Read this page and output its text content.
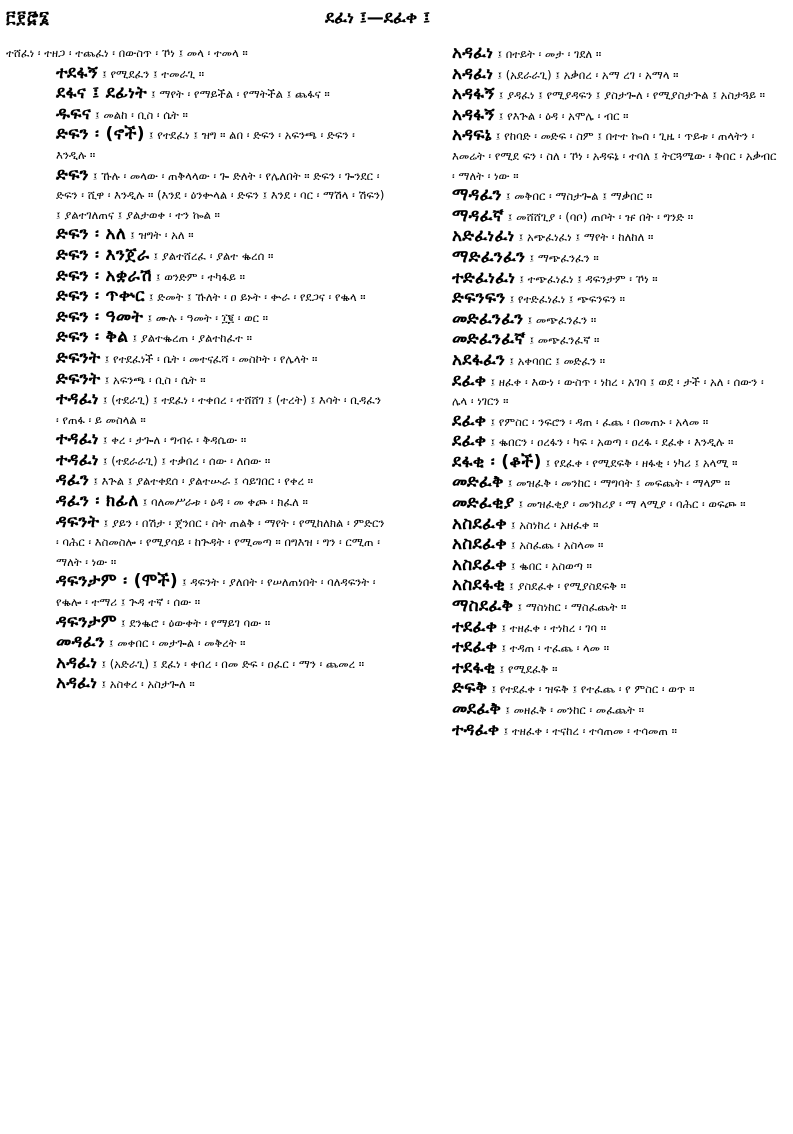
፫፻፸፮	ደፈነ ፤—ደፈቀ ፤

ተሸፈነ ፡ ተዘጋ ፡ ተጨፈነ ፡ በውስጥ ፡ ኾነ ፤ መላ ፡ ተመላ ።

ተደፋኝ ፤ የሚደፈን ፤ ተመራጊ ።

ደፋና ፤ ደፊነት ፤ ማየት ፡ የማይችል ፡ የማትችል ፤ ጨፋና ።

ዱፍና ፤ መልከ ፡ ቢስ ፡ ሴት ።

ድፍን ፡ (ኖች) ፤ የተደፈነ ፤ ዝግ ። ልበ ፡ ድፍን ፡ አፍንጫ ፡ ድፍን ፡ እንዲሉ ።

ድፍን ፤ ኹሉ ፡ መላው ፡ ጠቅላላው ፡ ጐ ድለት ፡ የሌለበት ። ድፍን ፡ ጐንደር ፡ ድፍን ፡ ሺዋ ፡ እንዲሉ ። (እንደ ፡ ዕንቍላል ፡ ድፍን ፤ እንደ ፡ ባር ፡ ማሽላ ፡ ሽፍን) ፤ ያልተገለጠና ፤ ያልታወቀ ፡ ተን ኰል ።

ድፍን ፡ አለ ፤ ዝግት ፡ አለ ።

ድፍን ፡ እንጀራ ፤ ያልተሸረፈ ፡ ያልተ ቈረሰ ።

ድፍን ፡ አቋራሽ ፤ ወንድም ፡ ተካፋይ ።

ድፍን ፡ ጥቍር ፤ ድመት ፤ ኹለት ፡ ዐ ይኑት ፡ ቍራ ፡ የደጋና ፡ የቈላ ።

ድፍን ፡ ዓመት ፤ ሙሉ ፡ ዓመት ፡ ፲፪ ፡ ወር ።

ድፍን ፡ ቅል ፤ ያልተቈረጠ ፡ ያልተከፈተ ።

ድፍንት ፤ የተደፈነች ፡ ቤት ፡ መተናፈሻ ፡ መስኮት ፡ የሌላት ።

ድፍንት ፤ አፍንጫ ፡ ቢስ ፡ ሴት ።

ተዳፈነ ፤ (ተደራጊ) ፤ ተደፈነ ፡ ተቀበረ ፡ ተሸሸገ ፤ (ተረት) ፤ እሳት ፡ ቢዳፈን ፡ የጠፋ ፡ ይ መስላል ።

ተዳፈነ ፤ ቀረ ፡ ታጐለ ፡ ግብሩ ፡ ቅዳሴው ።

ተዳፈነ ፤ (ተደራራጊ) ፤ ተቃበረ ፡ ሰው ፡ ለሰው ።

ዳፈን ፤ እጕል ፤ ያልተቀደሰ ፡ ያልተሡራ ፤ ሳይገበር ፡ የቀረ ።

ዳፈን ፡ ክፊለ ፤ ባለመሥራቱ ፡ ዕዳ ፡ መ ቀጮ ፡ ክፈለ ።

ዳፍንት ፤ ያይን ፡ በሽታ ፡ ጀንበር ፡ ስት ጠልቅ ፡ ማየት ፡ የሚከለክል ፡ ምድርን ፡ ባሕር ፡ እስመስሎ ፡ የሚያሳይ ፡ ከጕዳት ፡ የሚመጣ ። በግእዝ ፡ ግን ፡ ርሚጠ ፡ ማለት ፡ ነው ።

ዳፍንታም ፡ (ሞች) ፤ ዳፍንት ፡ ያለበት ፡ የሠለጠነበት ፡ ባለዳፍንት ፡ የቈሎ ፡ ተማሪ ፤ ጕዳ ተኛ ፡ ሰው ።

ዳፍንታም ፤ ደንቈሮ ፡ ዕውቀት ፡ የማይገ ባው ።

መዳፈን ፤ መቀበር ፡ መታጐል ፡ መቅረት ።

አዳፈነ ፤ (አድራጊ) ፤ ደፈነ ፡ ቀበረ ፡ በመ ድፍ ፡ ዐፈር ፡ ማን ፡ ጨመረ ።

አዳፈነ ፤ አስቀረ ፡ አስታጐለ ።

አዳፈነ ፤ በተይት ፡ መታ ፡ ገደለ ።

አዳፈነ ፤ (አደራራጊ) ፤ አቃበረ ፡ አማ ረገ ፡ አማላ ።

አዳፋኝ ፤ ያዳፈነ ፤ የሚያዳፍን ፤ ያስታጐለ ፡ የሚያስታጕል ፤ አስታጓይ ።

አዳፋኝ ፤ የእጕል ፡ ዕዳ ፡ አሞሌ ፡ ብር ።

አዳፍኔ ፤ የከባድ ፡ መድፍ ፡ ስም ፤ በተተ ኰሰ ፡ ጊዜ ፡ ጥይቱ ፡ ጠላትን ፡ እመሬት ፡ የሚደ ፍን ፡ ስለ ፡ ኾነ ፡ አዳፍኔ ፡ ተባለ ፤ ትርጓሜው ፡ ቅበር ፡ አቃብር ፡ ማለት ፡ ነው ።

ማዳፈን ፤ መቅበር ፡ ማስታጐል ፤ ማቃበር ።

ማዳፈኛ ፤ መሸሸጊያ ፡ (ባቦ) ጠቦት ፡ ዡ በት ፡ ግንድ ።

አድፈነፈነ ፤ አጭፈነፈነ ፤ ማየት ፡ ከለከለ ።

ማድፈንፈን ፤ ማጭፈንፈን ።

ተድፈነፈነ ፤ ተጭፈነፈነ ፤ ዳፍንታም ፡ ኾነ ።

ድፍንፍን ፤ የተድፈነፈነ ፤ ጭፍንፍን ።

መድፈንፈን ፤ መጭፈንፈን ።

መድፈንፈኛ ፤ መጭፈንፈኛ ።

አደፋፈን ፤ አቀባበር ፤ መድፈን ።

ደፈቀ ፤ ዘፈቀ ፡ እውነ ፡ ውስጥ ፡ ነከረ ፡ አገባ ፤ ወደ ፡ ታች ፡ አለ ፡ ሰውን ፡ ሌላ ፡ ነገርን ።

ደፈቀ ፤ የምስር ፡ ንፍሮን ፡ ዳጠ ፡ ፈጨ ፡ በመጠኑ ፡ አላመ ።

ደፈቀ ፤ ቈበርን ፡ ዐረፋን ፡ ካፍ ፡ አወጣ ፡ ዐረፋ ፡ ደፈቀ ፡ እንዲሉ ።

ደፋቂ ፡ (ቆች) ፤ የደፈቀ ፡ የሚደፍቅ ፡ ዘፋቂ ፡ ነካሪ ፤ አላሚ ።

መድፈቅ ፤ መዝፈቅ ፡ መንከር ፡ ማግባት ፤ መፍጨት ፡ ማላም ።

መድፈቂያ ፤ መዝፈቂያ ፡ መንከሪያ ፡ ማ ላሚያ ፡ ባሕር ፡ ወፍጮ ።

አስደፈቀ ፤ አስነከረ ፡ አዘፈቀ ።

አስደፈቀ ፤ አስፈጨ ፡ አስላመ ።

አስደፈቀ ፤ ቈበር ፡ አስወጣ ።

አስደፋቂ ፤ ያስደፈቀ ፡ የሚያስደፍቅ ።

ማስደፈቅ ፤ ማስነከር ፡ ማስፈጨት ።

ተደፈቀ ፤ ተዘፈቀ ፡ ተነከረ ፡ ገባ ።

ተደፈቀ ፤ ተዳጠ ፡ ተፈጨ ፡ ላመ ።

ተደፋቂ ፤ የሚደፈቅ ።

ድፍቅ ፤ የተደፈቀ ፡ ዝፍቅ ፤ የተፈጨ ፡ የ ምስር ፡ ወጥ ።

መደፈቅ ፤ መዘፈቅ ፡ መንከር ፡ መፈጨት ።

ተዳፈቀ ፤ ተዘፈቀ ፡ ተናከረ ፡ ተሳጠመ ፡ ተሳመጠ ።
